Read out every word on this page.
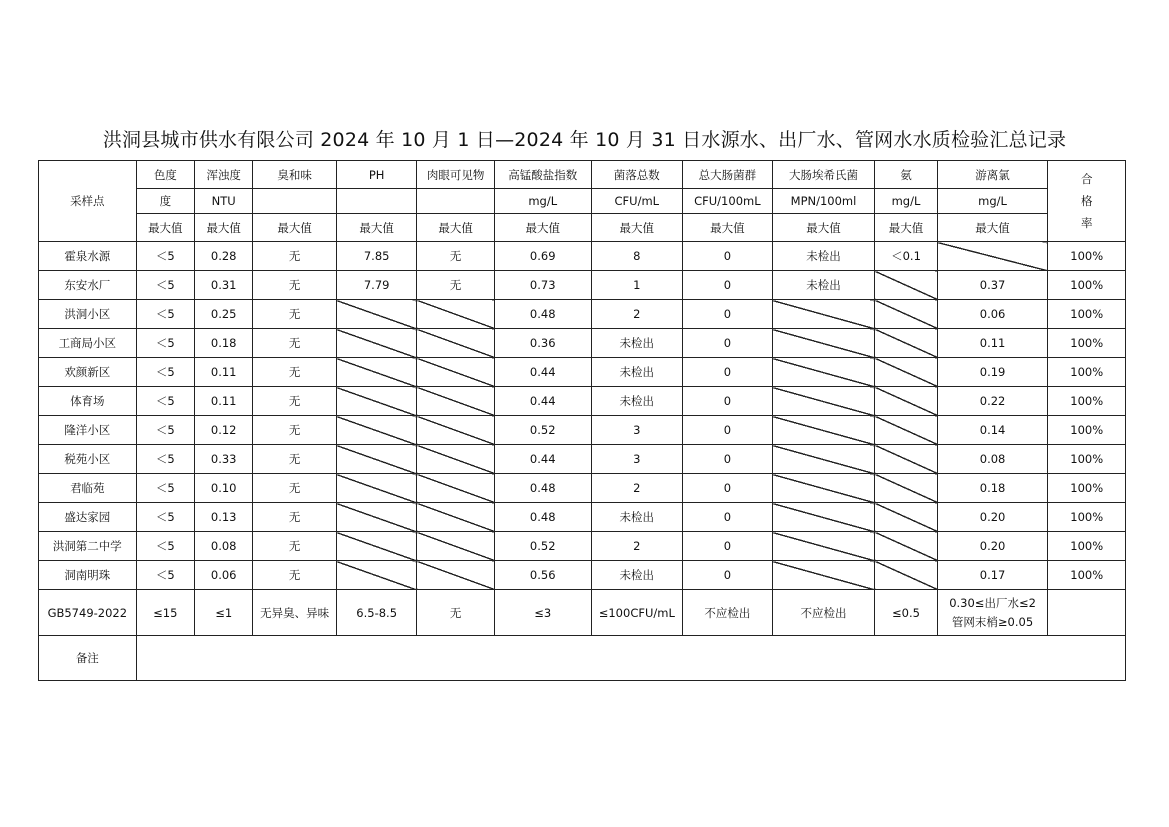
洪洞县城市供水有限公司 2024 年 10 月 1 日—2024 年 10 月 31 日水源水、出厂水、管网水水质检验汇总记录
采样点	色度	浑浊度	臭和味	PH	肉眼可见物	高锰酸盐指数	菌落总数	总大肠菌群	大肠埃希氏菌	氨	游离氯	合
格
率

	度	NTU				mg/L	CFU/mL	CFU/100mL	MPN/100ml	mg/L	mg/L	
	最大值	最大值	最大值	最大值	最大值	最大值	最大值	最大值	最大值	最大值	最大值	
霍泉水源	＜5	0.28	无	7.85	无	0.69	8	0	未检出	＜0.1		100%
东安水厂	＜5	0.31	无	7.79	无	0.73	1	0	未检出		0.37	100%
洪洞小区	＜5	0.25	无			0.48	2	0			0.06	100%
工商局小区	＜5	0.18	无			0.36	未检出	0			0.11	100%
欢颜新区	＜5	0.11	无			0.44	未检出	0			0.19	100%
体育场	＜5	0.11	无			0.44	未检出	0			0.22	100%
隆洋小区	＜5	0.12	无			0.52	3	0			0.14	100%
税苑小区	＜5	0.33	无			0.44	3	0			0.08	100%
君临苑	＜5	0.10	无			0.48	2	0			0.18	100%
盛达家园	＜5	0.13	无			0.48	未检出	0			0.20	100%
洪洞第二中学	＜5	0.08	无			0.52	2	0			0.20	100%
洞南明珠	＜5	0.06	无			0.56	未检出	0			0.17	100%
GB5749-2022	≤15	≤1	无异臭、异味	6.5-8.5	无	≤3	≤100CFU/mL	不应检出	不应检出	≤0.5	0.30≤出厂水≤2
管网末梢≥0.05	

备注												
